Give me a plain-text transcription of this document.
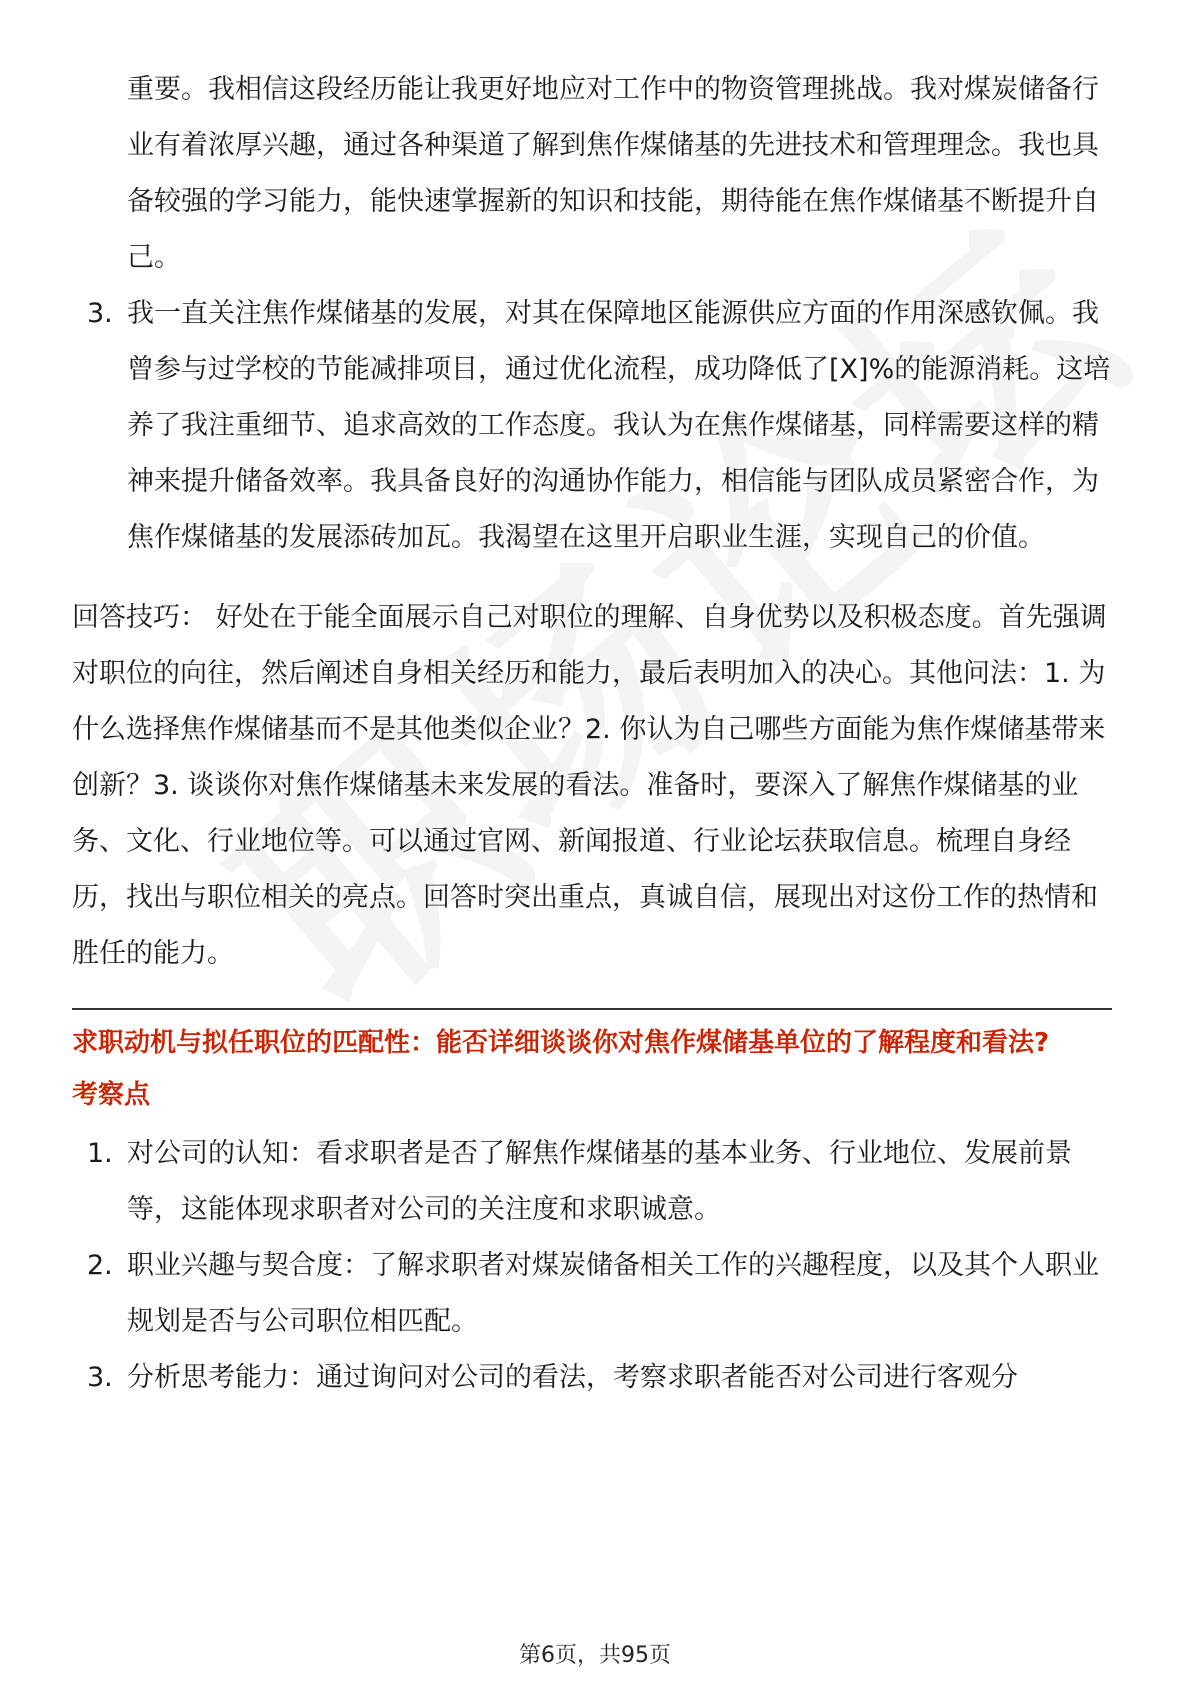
重要。我相信这段经历能让我更好地应对工作中的物资管理挑战。我对煤炭储备行业有着浓厚兴趣，通过各种渠道了解到焦作煤储基的先进技术和管理理念。我也具备较强的学习能力，能快速掌握新的知识和技能，期待能在焦作煤储基不断提升自己。

3. 我一直关注焦作煤储基的发展，对其在保障地区能源供应方面的作用深感钦佩。我曾参与过学校的节能减排项目，通过优化流程，成功降低了[X]%的能源消耗。这培养了我注重细节、追求高效的工作态度。我认为在焦作煤储基，同样需要这样的精神来提升储备效率。我具备良好的沟通协作能力，相信能与团队成员紧密合作，为焦作煤储基的发展添砖加瓦。我渴望在这里开启职业生涯，实现自己的价值。

回答技巧： 好处在于能全面展示自己对职位的理解、自身优势以及积极态度。首先强调对职位的向往，然后阐述自身相关经历和能力，最后表明加入的决心。其他问法：1. 为什么选择焦作煤储基而不是其他类似企业？2. 你认为自己哪些方面能为焦作煤储基带来创新？3. 谈谈你对焦作煤储基未来发展的看法。准备时，要深入了解焦作煤储基的业务、文化、行业地位等。可以通过官网、新闻报道、行业论坛获取信息。梳理自身经历，找出与职位相关的亮点。回答时突出重点，真诚自信，展现出对这份工作的热情和胜任的能力。

求职动机与拟任职位的匹配性：能否详细谈谈你对焦作煤储基单位的了解程度和看法?

考察点

1. 对公司的认知：看求职者是否了解焦作煤储基的基本业务、行业地位、发展前景等，这能体现求职者对公司的关注度和求职诚意。
2. 职业兴趣与契合度：了解求职者对煤炭储备相关工作的兴趣程度，以及其个人职业规划是否与公司职位相匹配。
3. 分析思考能力：通过询问对公司的看法，考察求职者能否对公司进行客观分
第6页，共95页
